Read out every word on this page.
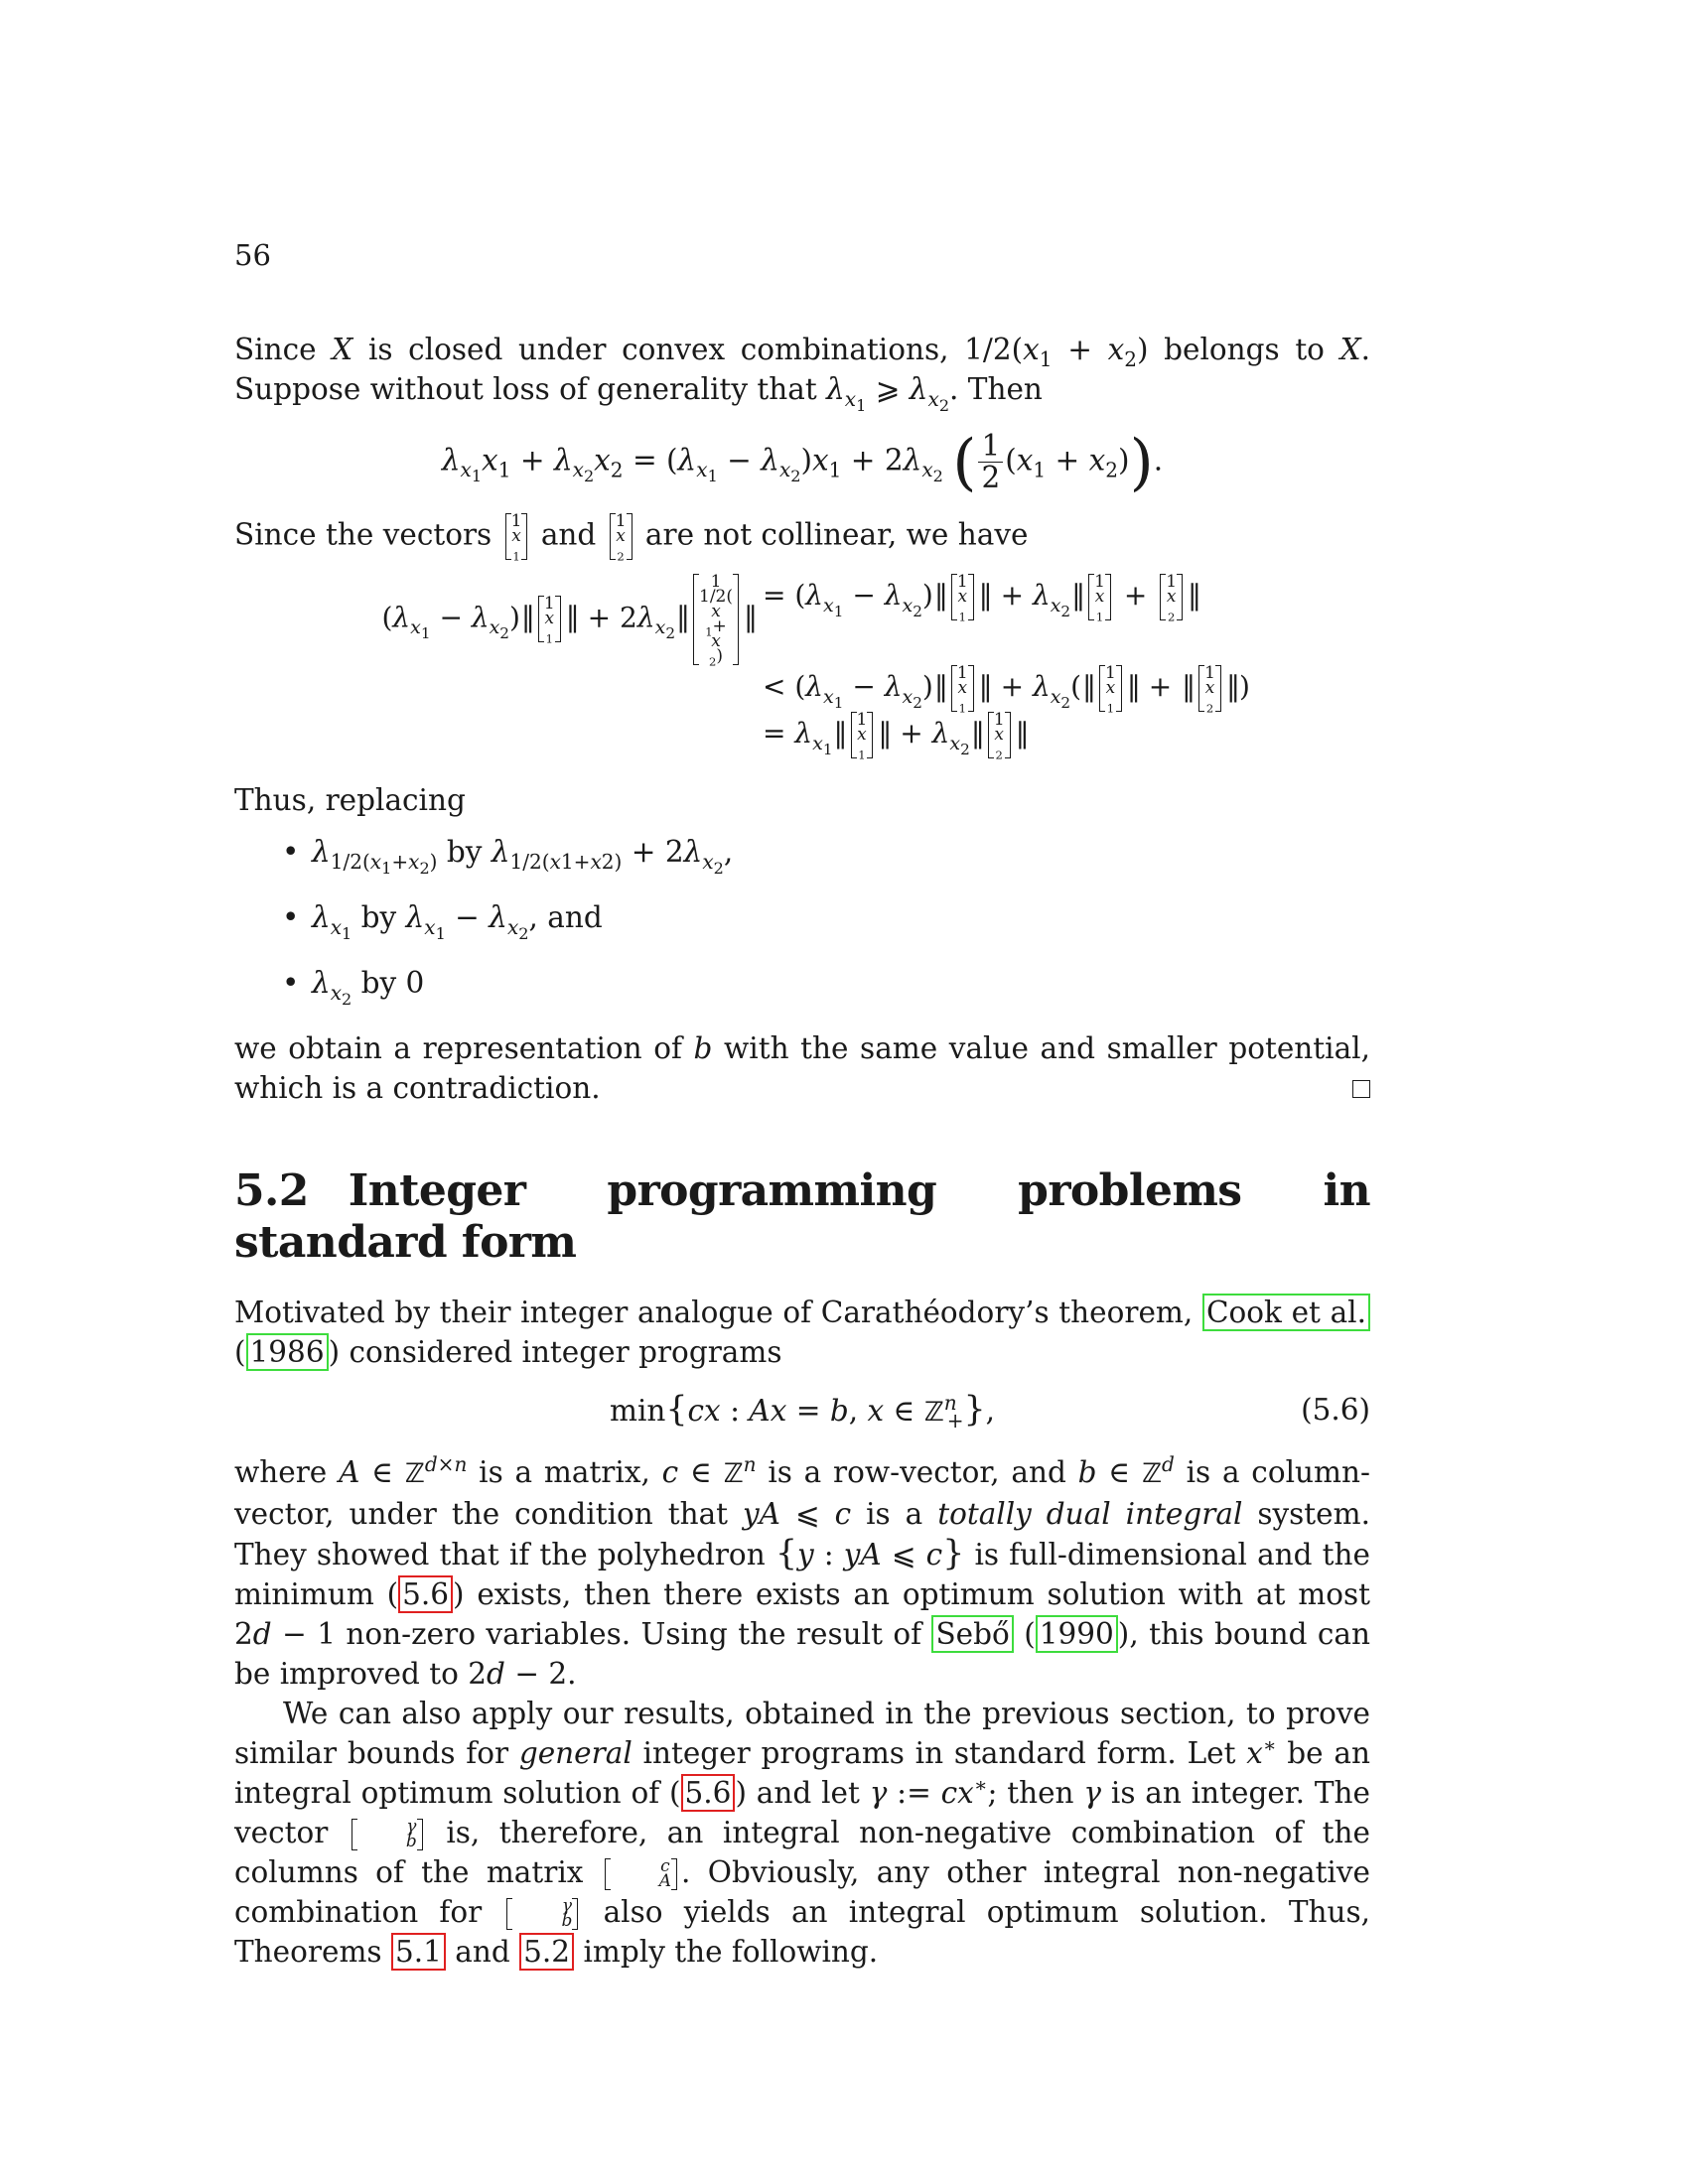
56

Since X is closed under convex combinations, $1/2(x_1 + x_2)$ belongs to X. Suppose without loss of generality that $\lambda_{x_1}$ ⩾ $\lambda_{x_2}$. Then

$\lambda_{x_1}x_1 + \lambda_{x_2}x_2 = (\lambda_{x_1} - \lambda_{x_2})x_1 + 2\lambda_{x_2}$ ( $\frac{1}{2} (x_1 + x_2)$).

Since the vectors 1
x
$_1$ and 1
x
$_2$ are not collinear, we have

($\lambda_{x_1}$ − $\lambda_{x_2})‖$ 1
x
$_1$‖ + $2\lambda_{x_2}‖$
1
1/2(
x
$_1$+
x
$_2$)
‖
= ($\lambda_{x_1}$ − $\lambda_{x_2})‖$ 1
x
$_1$‖ + $\lambda_{x_2}‖$ 1
x
$_1$ + 1
x
$_2$‖
< ($\lambda_{x_1}$ − $\lambda_{x_2})‖$ 1
x
$_1$‖ + $\lambda_{x_2}(‖$ 1
x
$_1$‖ + ‖ 1
x
$_2$‖)
= $\lambda_{x_1}‖$ 1
x
$_1$‖ + $\lambda_{x_2}‖$ 1
x
$_2$‖

Thus, replacing

• $\lambda_{1/2(x_1+x_2)}$ by $\lambda_{1/2(x1+x2)} + 2\lambda_{x_2}$,
• $\lambda_{x_1}$ by $\lambda_{x_1} - \lambda_{x_2}$, and
• $\lambda_{x_2}$ by 0

we obtain a representation of b with the same value and smaller potential, which is a contradiction.

5.2 Integer programming problems in standard form

Motivated by their integer analogue of Carathéodory’s theorem, Cook et al. ( 1986 ) considered integer programs

min{cx : Ax = b, x ∈ ℤ$^n_+$},	(5.6)

where A ∈ ℤ$^{d\times n}$ is a matrix, c ∈ ℤ$^n$ is a row-vector, and b ∈ ℤ$^d$ is a column-vector, under the condition that yA ⩽ c is a totally dual integral system. They showed that if the polyhedron {y : yA ⩽ c} is full-dimensional and the minimum ( 5.6 ) exists, then there exists an optimum solution with at most 2d − 1 non-zero variables. Using the result of Sebő ( 1990 ), this bound can be improved to 2d − 2.

We can also apply our results, obtained in the previous section, to prove similar bounds for general integer programs in standard form. Let x∗ be an integral optimum solution of ( 5.6 ) and let γ := cx∗; then γ is an integer. The vector	γ
b is, therefore, an integral non-negative combination of the columns of the matrix	c
A . Obviously, any other integral non-negative combination for	γ
b also yields an integral optimum solution. Thus, Theorems 5.1 and 5.2 imply the following.
